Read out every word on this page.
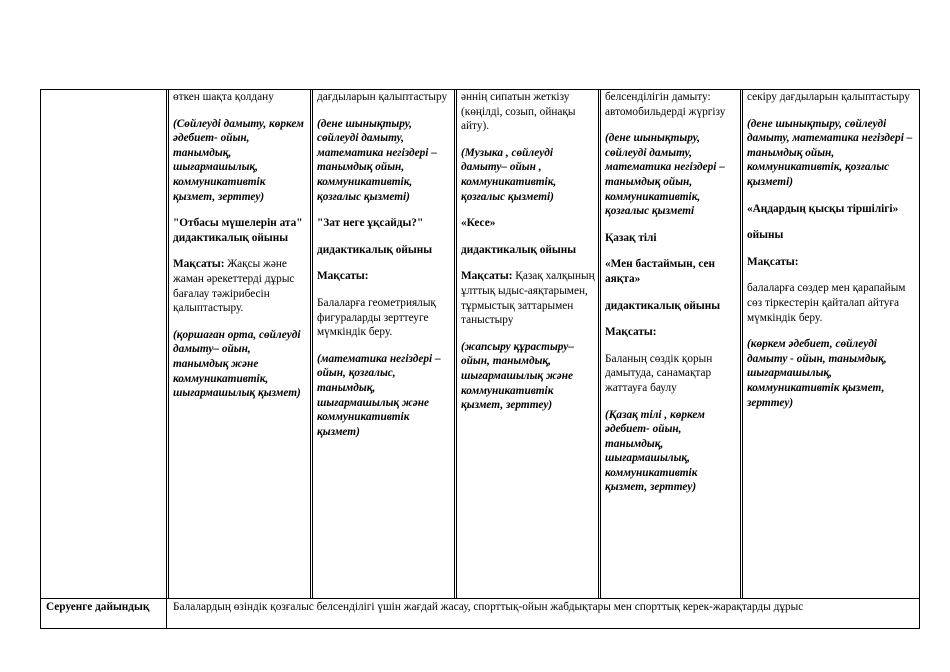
өткен шақта қолдану

(Сөйлеуді дамыту, көркем әдебиет- ойын, танымдық, шығармашылық, коммуникативтік қызмет, зерттеу)

"Отбасы мүшелерін ата" дидактикалық ойыны

Мақсаты: Жақсы және жаман әрекеттерді дұрыс бағалау тәжірибесін қалыптастыру.

(қоршаған орта, сөйлеуді дамыту– ойын, танымдық және коммуникативтік, шығармашылық қызмет)

дағдыларын қалыптастыру

(дене шынықтыру, сөйлеуді дамыту, математика негіздері – танымдық ойын, коммуникативтік, қозғалыс қызметі)

"Зат неге ұқсайды?"

дидактикалық ойыны

Мақсаты:

Балаларға геометриялық фигураларды зерттеуге мүмкіндік беру.

(математика негіздері – ойын, қозғалыс, танымдық, шығармашылық және коммуникативтік қызмет)

әннің сипатын жеткізу (көңілді, созып, ойнақы айту).

(Музыка , сөйлеуді дамыту– ойын , коммуникативтік, қозғалыс қызметі)

«Кесе»

дидактикалық ойыны

Мақсаты: Қазақ халқының ұлттық ыдыс-аяқтарымен, тұрмыстық заттарымен таныстыру

(жапсыру құрастыру– ойын, танымдық, шығармашылық және коммуникативтік қызмет, зерттеу)

белсенділігін дамыту: автомобильдерді жүргізу

(дене шынықтыру, сөйлеуді дамыту, математика негіздері – танымдық ойын, коммуникативтік, қозғалыс қызметі

Қазақ тілі

«Мен бастаймын, сен аяқта»

дидактикалық ойыны

Мақсаты:

Баланың сөздік қорын дамытуда, санамақтар жаттауға баулу

(Қазақ тілі , көркем әдебиет- ойын, танымдық, шығармашылық, коммуникативтік қызмет, зерттеу)

секіру дағдыларын қалыптастыру

(дене шынықтыру, сөйлеуді дамыту, математика негіздері – танымдық ойын, коммуникативтік, қозғалыс қызметі)

«Аңдардың қысқы тіршілігі»

ойыны

Мақсаты:

балаларға сөздер мен қарапайым сөз тіркестерін қайталап айтуға мүмкіндік беру.

(көркем әдебиет, сөйлеуді дамыту - ойын, танымдық, шығармашылық, коммуникативтік қызмет, зерттеу)

Серуенге дайындық Балалардың өзіндік қозғалыс белсенділігі үшін жағдай жасау, спорттық-ойын жабдықтары мен спорттық керек-жарақтарды дұрыс
